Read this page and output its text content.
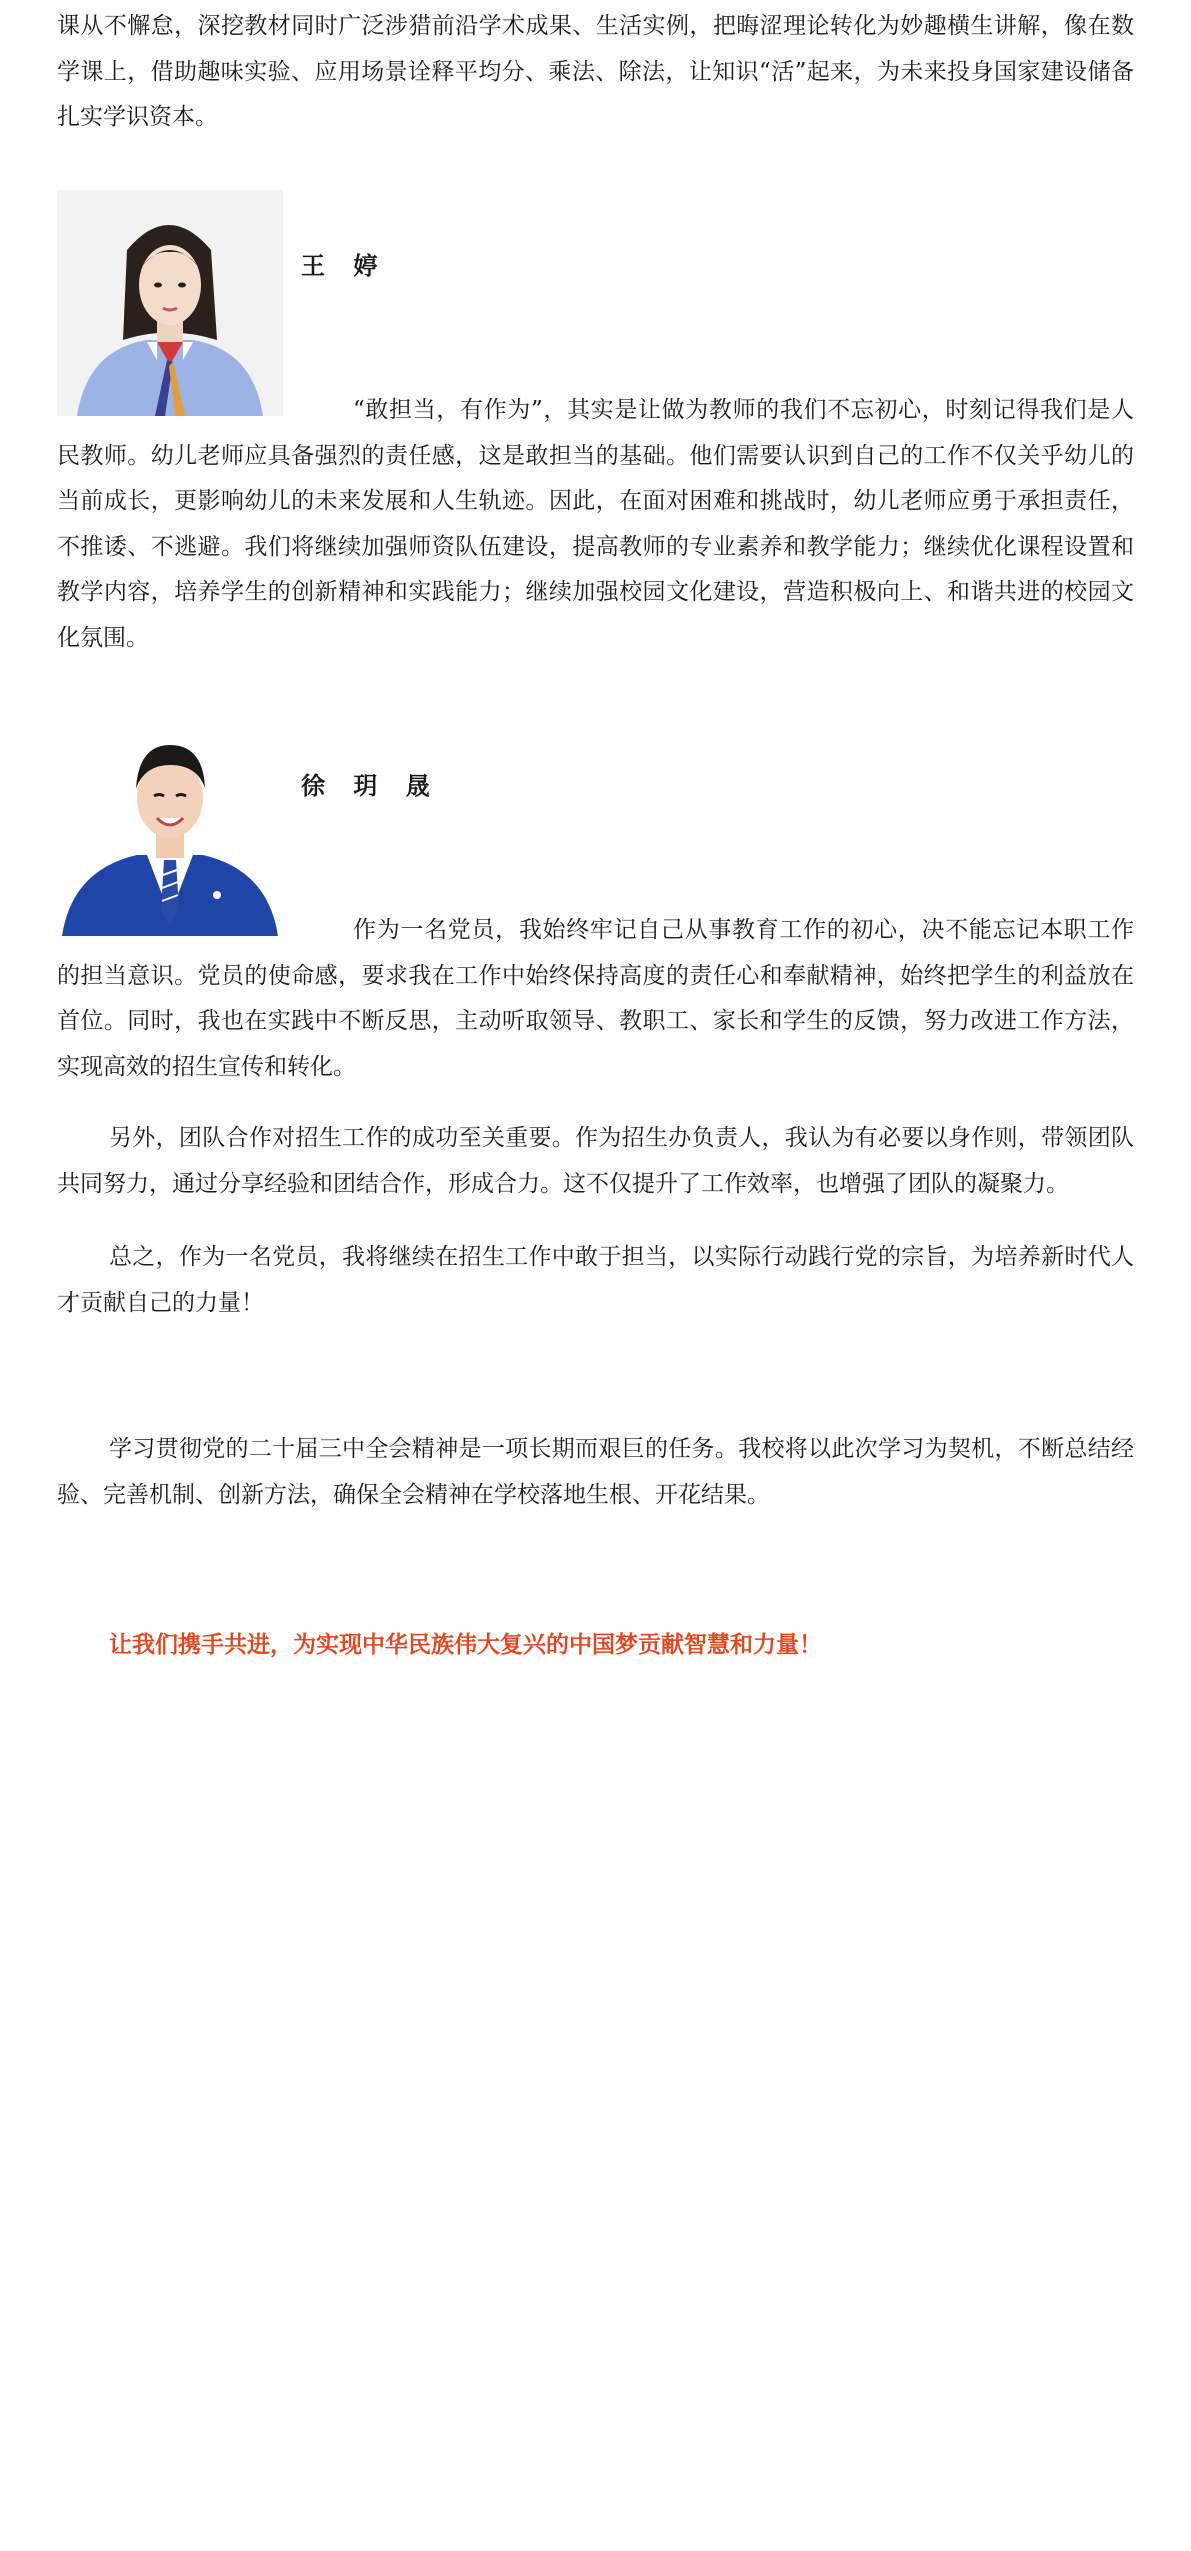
课从不懈怠，深挖教材同时广泛涉猎前沿学术成果、生活实例，把晦涩理论转化为妙趣横生讲解，像在数学课上，借助趣味实验、应用场景诠释平均分、乘法、除法，让知识“活”起来，为未来投身国家建设储备扎实学识资本。

王 婷

“敢担当，有作为”，其实是让做为教师的我们不忘初心，时刻记得我们是人民教师。幼儿老师应具备强烈的责任感，这是敢担当的基础。他们需要认识到自己的工作不仅关乎幼儿的当前成长，更影响幼儿的未来发展和人生轨迹。因此，在面对困难和挑战时，幼儿老师应勇于承担责任，不推诿、不逃避。我们将继续加强师资队伍建设，提高教师的专业素养和教学能力；继续优化课程设置和教学内容，培养学生的创新精神和实践能力；继续加强校园文化建设，营造积极向上、和谐共进的校园文化氛围。

徐 玥 晟

作为一名党员，我始终牢记自己从事教育工作的初心，决不能忘记本职工作的担当意识。党员的使命感，要求我在工作中始终保持高度的责任心和奉献精神，始终把学生的利益放在首位。同时，我也在实践中不断反思，主动听取领导、教职工、家长和学生的反馈，努力改进工作方法，实现高效的招生宣传和转化。

另外，团队合作对招生工作的成功至关重要。作为招生办负责人，我认为有必要以身作则，带领团队共同努力，通过分享经验和团结合作，形成合力。这不仅提升了工作效率，也增强了团队的凝聚力。

总之，作为一名党员，我将继续在招生工作中敢于担当，以实际行动践行党的宗旨，为培养新时代人才贡献自己的力量！

学习贯彻党的二十届三中全会精神是一项长期而艰巨的任务。我校将以此次学习为契机，不断总结经验、完善机制、创新方法，确保全会精神在学校落地生根、开花结果。

让我们携手共进，为实现中华民族伟大复兴的中国梦贡献智慧和力量！
